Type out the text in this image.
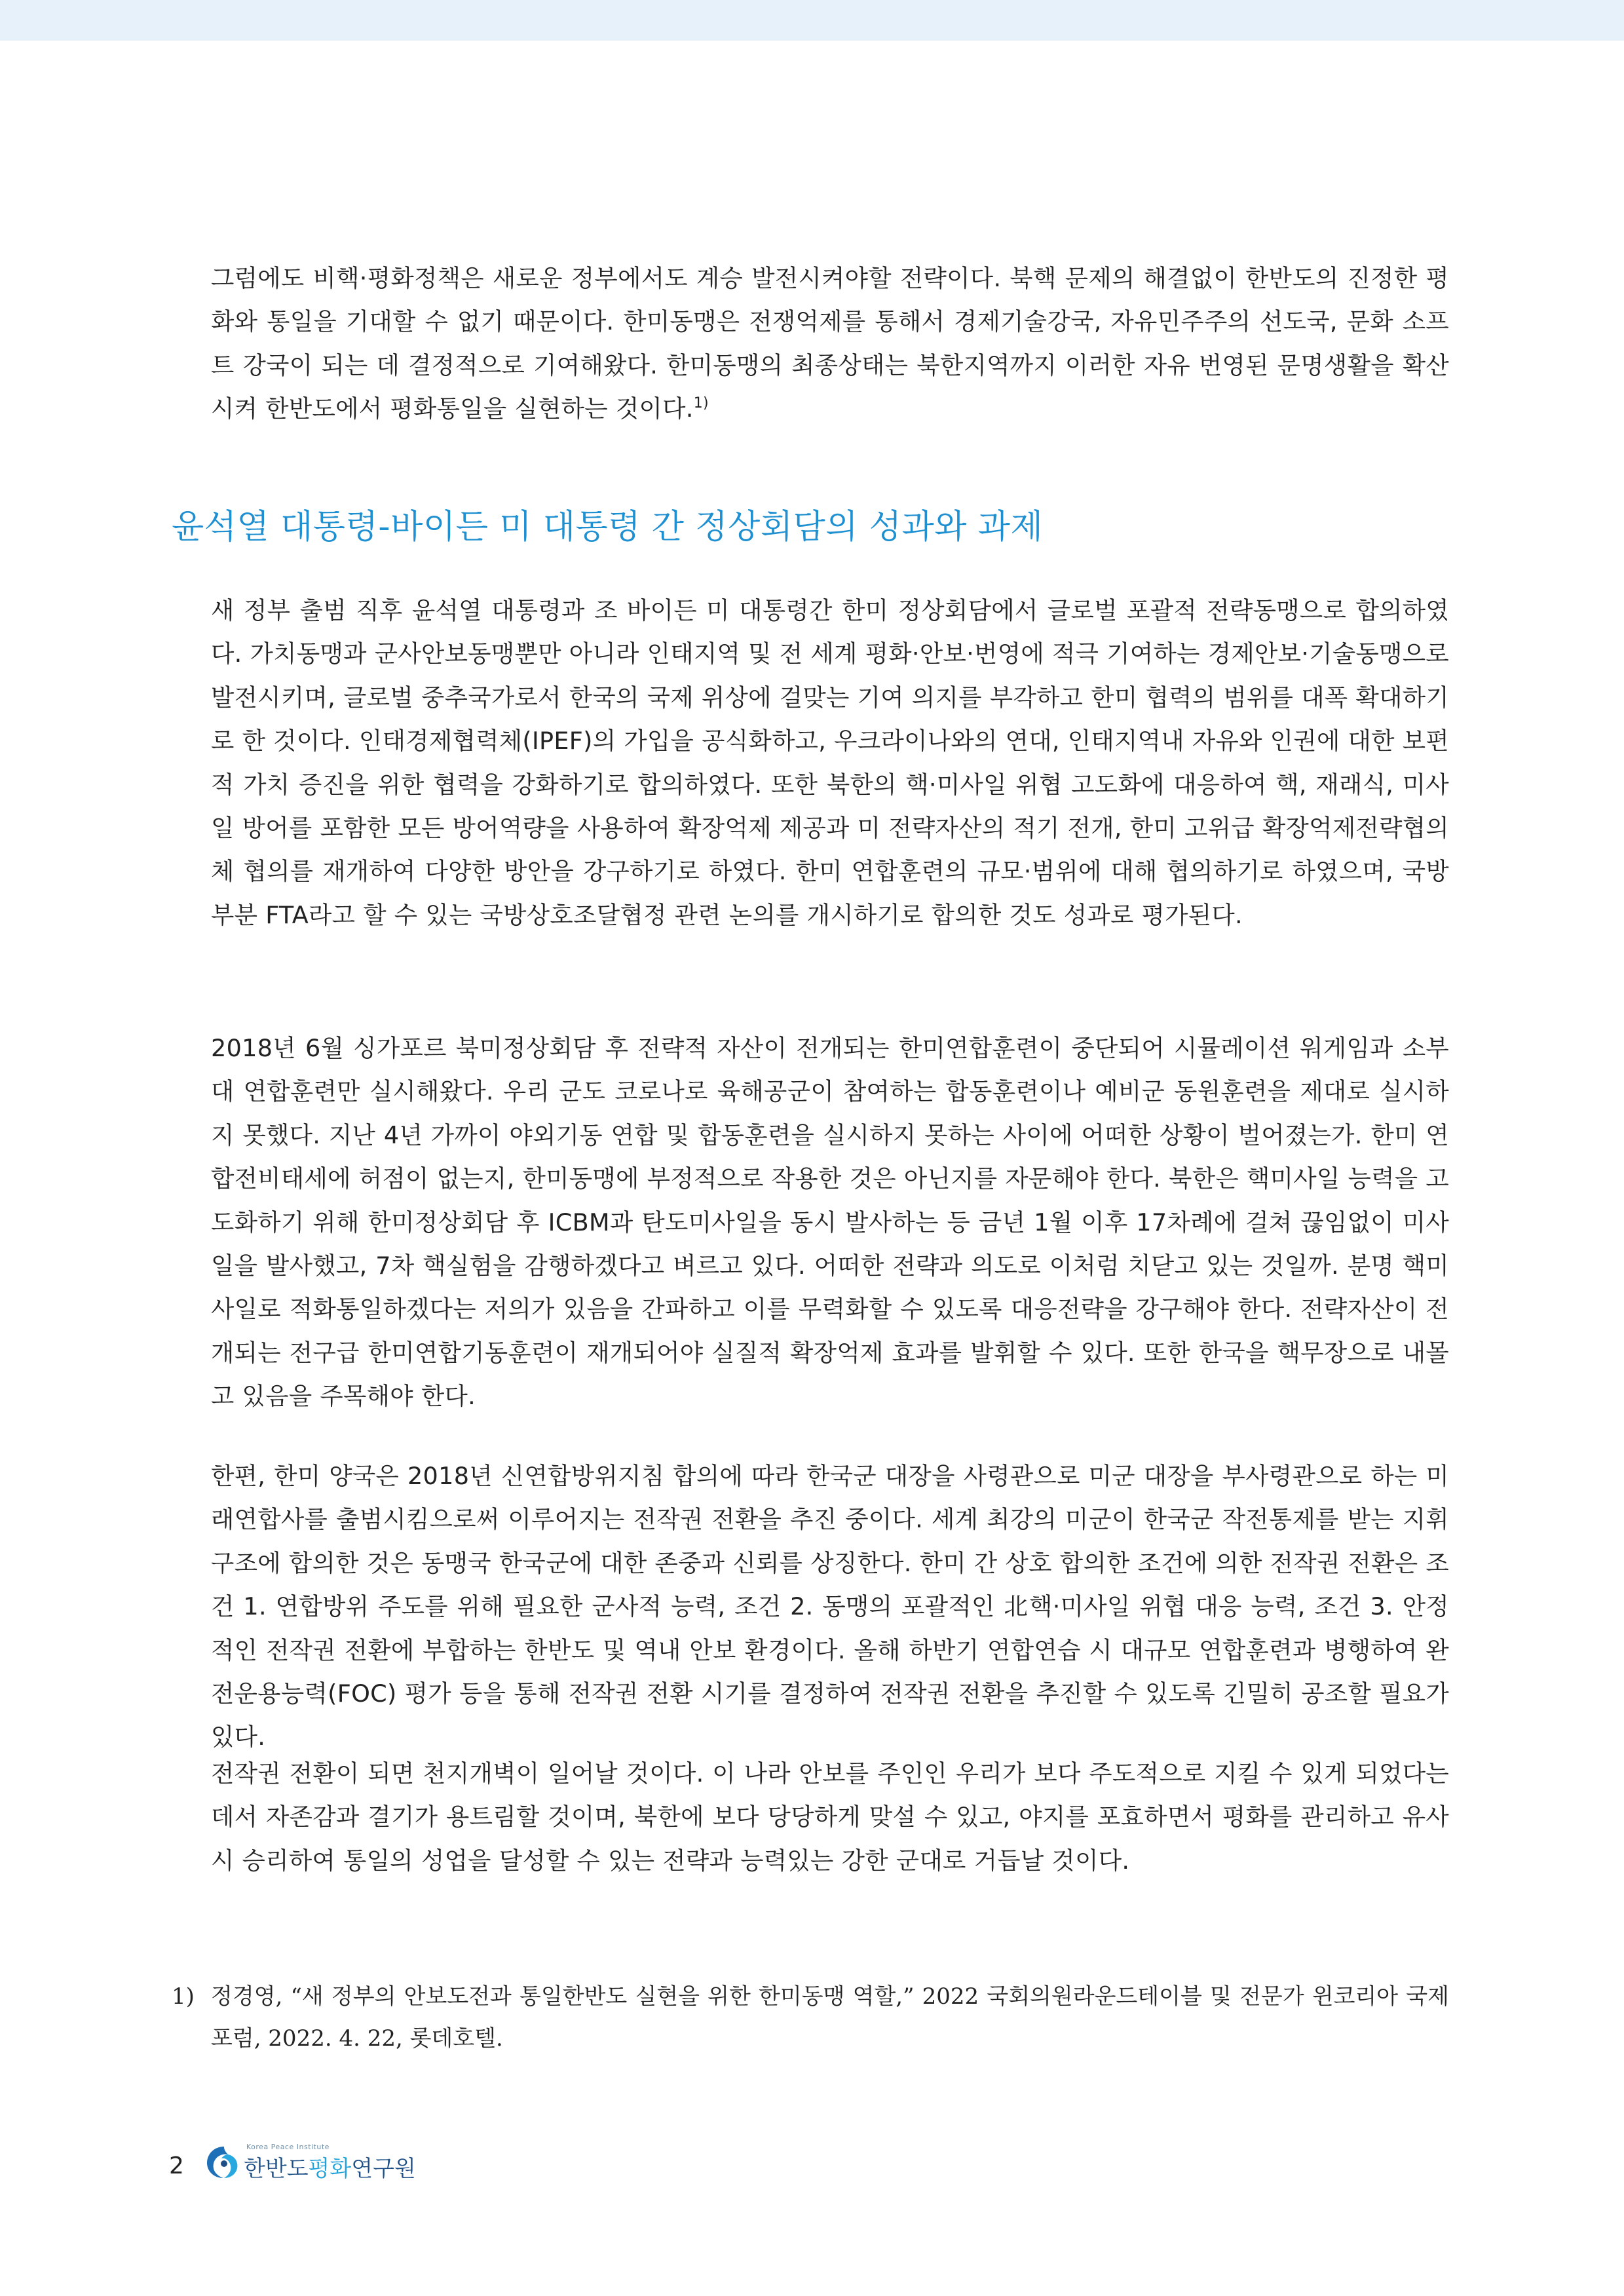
그럼에도 비핵·평화정책은 새로운 정부에서도 계승 발전시켜야할 전략이다. 북핵 문제의 해결없이 한반도의 진정한 평화와 통일을 기대할 수 없기 때문이다. 한미동맹은 전쟁억제를 통해서 경제기술강국, 자유민주주의 선도국, 문화 소프트 강국이 되는 데 결정적으로 기여해왔다. 한미동맹의 최종상태는 북한지역까지 이러한 자유 번영된 문명생활을 확산시켜 한반도에서 평화통일을 실현하는 것이다.$^{1)}$

윤석열 대통령-바이든 미 대통령 간 정상회담의 성과와 과제

새 정부 출범 직후 윤석열 대통령과 조 바이든 미 대통령간 한미 정상회담에서 글로벌 포괄적 전략동맹으로 합의하였다. 가치동맹과 군사안보동맹뿐만 아니라 인태지역 및 전 세계 평화·안보·번영에 적극 기여하는 경제안보·기술동맹으로 발전시키며, 글로벌 중추국가로서 한국의 국제 위상에 걸맞는 기여 의지를 부각하고 한미 협력의 범위를 대폭 확대하기로 한 것이다. 인태경제협력체(IPEF)의 가입을 공식화하고, 우크라이나와의 연대, 인태지역내 자유와 인권에 대한 보편적 가치 증진을 위한 협력을 강화하기로 합의하였다. 또한 북한의 핵·미사일 위협 고도화에 대응하여 핵, 재래식, 미사일 방어를 포함한 모든 방어역량을 사용하여 확장억제 제공과 미 전략자산의 적기 전개, 한미 고위급 확장억제전략협의체 협의를 재개하여 다양한 방안을 강구하기로 하였다. 한미 연합훈련의 규모·범위에 대해 협의하기로 하였으며, 국방부분 FTA라고 할 수 있는 국방상호조달협정 관련 논의를 개시하기로 합의한 것도 성과로 평가된다.

2018년 6월 싱가포르 북미정상회담 후 전략적 자산이 전개되는 한미연합훈련이 중단되어 시뮬레이션 워게임과 소부대 연합훈련만 실시해왔다. 우리 군도 코로나로 육해공군이 참여하는 합동훈련이나 예비군 동원훈련을 제대로 실시하지 못했다. 지난 4년 가까이 야외기동 연합 및 합동훈련을 실시하지 못하는 사이에 어떠한 상황이 벌어졌는가. 한미 연합전비태세에 허점이 없는지, 한미동맹에 부정적으로 작용한 것은 아닌지를 자문해야 한다. 북한은 핵미사일 능력을 고도화하기 위해 한미정상회담 후 ICBM과 탄도미사일을 동시 발사하는 등 금년 1월 이후 17차례에 걸쳐 끊임없이 미사일을 발사했고, 7차 핵실험을 감행하겠다고 벼르고 있다. 어떠한 전략과 의도로 이처럼 치닫고 있는 것일까. 분명 핵미사일로 적화통일하겠다는 저의가 있음을 간파하고 이를 무력화할 수 있도록 대응전략을 강구해야 한다. 전략자산이 전개되는 전구급 한미연합기동훈련이 재개되어야 실질적 확장억제 효과를 발휘할 수 있다. 또한 한국을 핵무장으로 내몰고 있음을 주목해야 한다.

한편, 한미 양국은 2018년 신연합방위지침 합의에 따라 한국군 대장을 사령관으로 미군 대장을 부사령관으로 하는 미래연합사를 출범시킴으로써 이루어지는 전작권 전환을 추진 중이다. 세계 최강의 미군이 한국군 작전통제를 받는 지휘구조에 합의한 것은 동맹국 한국군에 대한 존중과 신뢰를 상징한다. 한미 간 상호 합의한 조건에 의한 전작권 전환은 조건 1. 연합방위 주도를 위해 필요한 군사적 능력, 조건 2. 동맹의 포괄적인 北핵·미사일 위협 대응 능력, 조건 3. 안정적인 전작권 전환에 부합하는 한반도 및 역내 안보 환경이다. 올해 하반기 연합연습 시 대규모 연합훈련과 병행하여 완전운용능력(FOC) 평가 등을 통해 전작권 전환 시기를 결정하여 전작권 전환을 추진할 수 있도록 긴밀히 공조할 필요가 있다.

전작권 전환이 되면 천지개벽이 일어날 것이다. 이 나라 안보를 주인인 우리가 보다 주도적으로 지킬 수 있게 되었다는 데서 자존감과 결기가 용트림할 것이며, 북한에 보다 당당하게 맞설 수 있고, 야지를 포효하면서 평화를 관리하고 유사시 승리하여 통일의 성업을 달성할 수 있는 전략과 능력있는 강한 군대로 거듭날 것이다.

1) 정경영, “새 정부의 안보도전과 통일한반도 실현을 위한 한미동맹 역할,” 2022 국회의원라운드테이블 및 전문가 윈코리아 국제포럼, 2022. 4. 22, 롯데호텔.
2
Korea Peace Institute
한반도평화연구원
